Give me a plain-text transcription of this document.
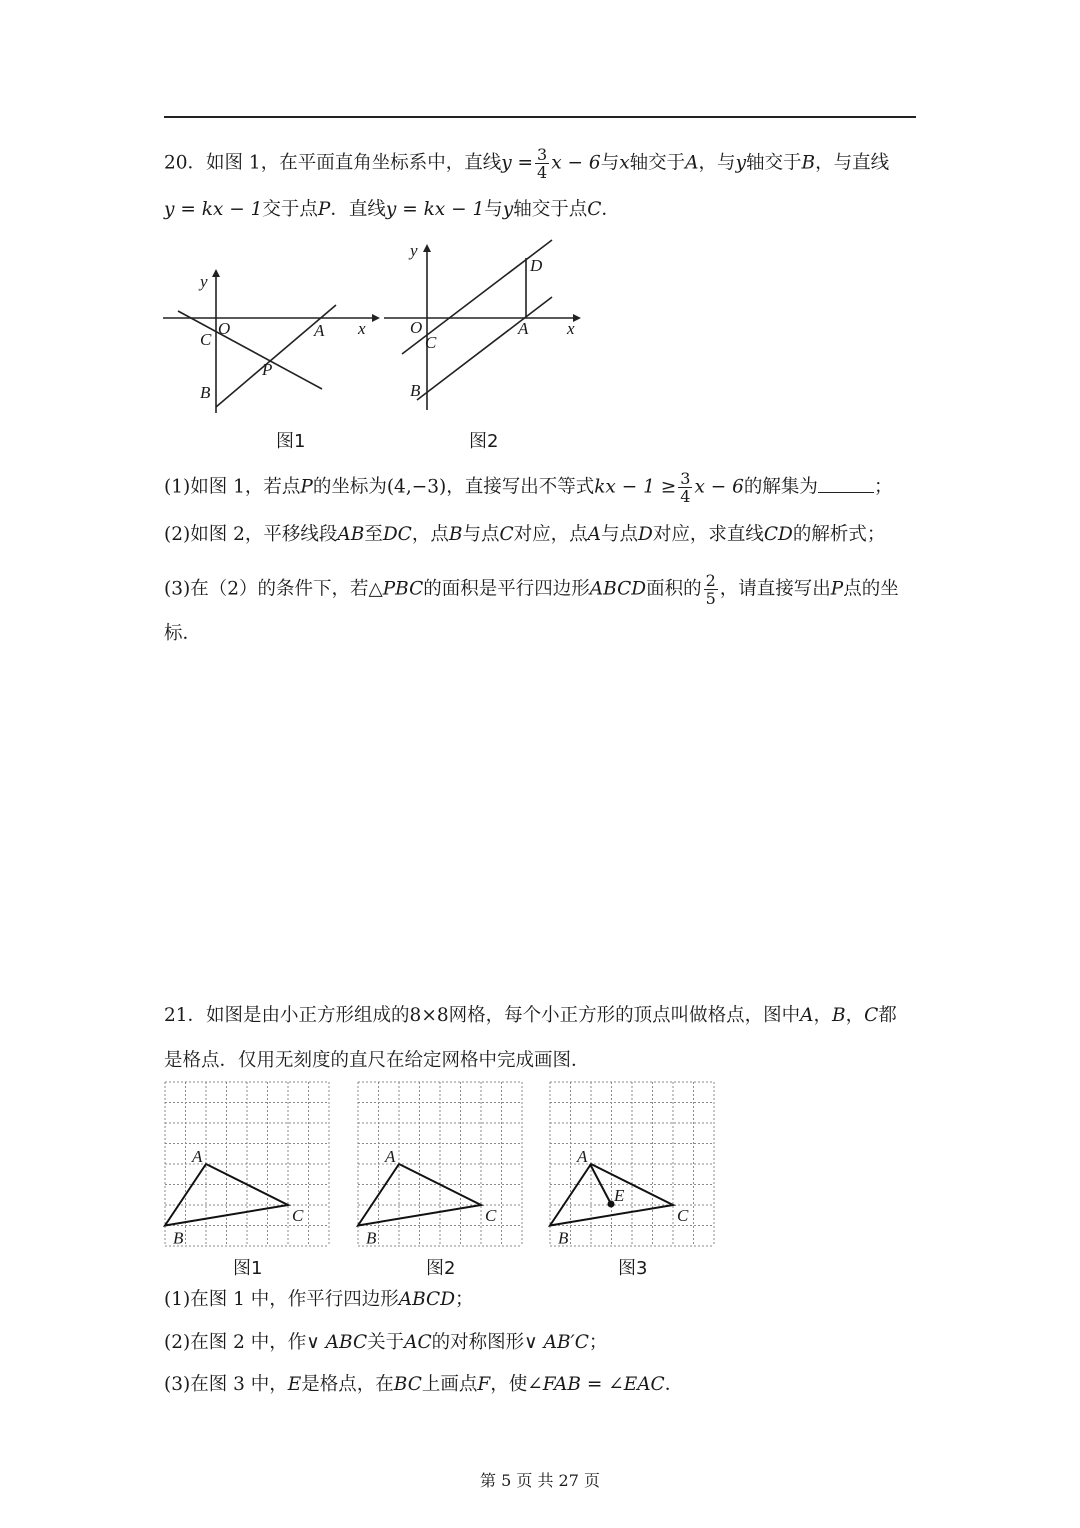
20．如图 1，在平面直角坐标系中，直线$y = \frac{3}{4}$ x − 6与x轴交于A，与y轴交于B，与直线
y = kx − 1交于点P．直线y = kx − 1与y轴交于点C．
y
x
O
C	A
P
B
图1
y
x
O
C
A
D
B
图2
(1)如图 1，若点P的坐标为(4,−3)，直接写出不等式kx − $1 \ge \frac{3}{4}$ x − 6的解集为	；
(2)如图 2，平移线段AB至DC，点B与点C对应，点A与点D对应，求直线CD的解析式；
(3)在（2）的条件下，若△PBC的面积是平行四边形ABCD面积的 $\frac{2}{5}$ ，请直接写出P点的坐
标．
21．如图是由小正方形组成的8×8网格，每个小正方形的顶点叫做格点，图中A，B，C都
是格点．仅用无刻度的直尺在给定网格中完成画图．
A
B
C
A
B
C
A
B
C
E
图1	图2	图3
(1)在图 1 中，作平行四边形ABCD；
(2)在图 2 中，作∨ ABC关于AC的对称图形∨ AB′C；
(3)在图 3 中，E是格点，在BC上画点F，使∠FAB = ∠EAC．
第 5 页 共 27 页
